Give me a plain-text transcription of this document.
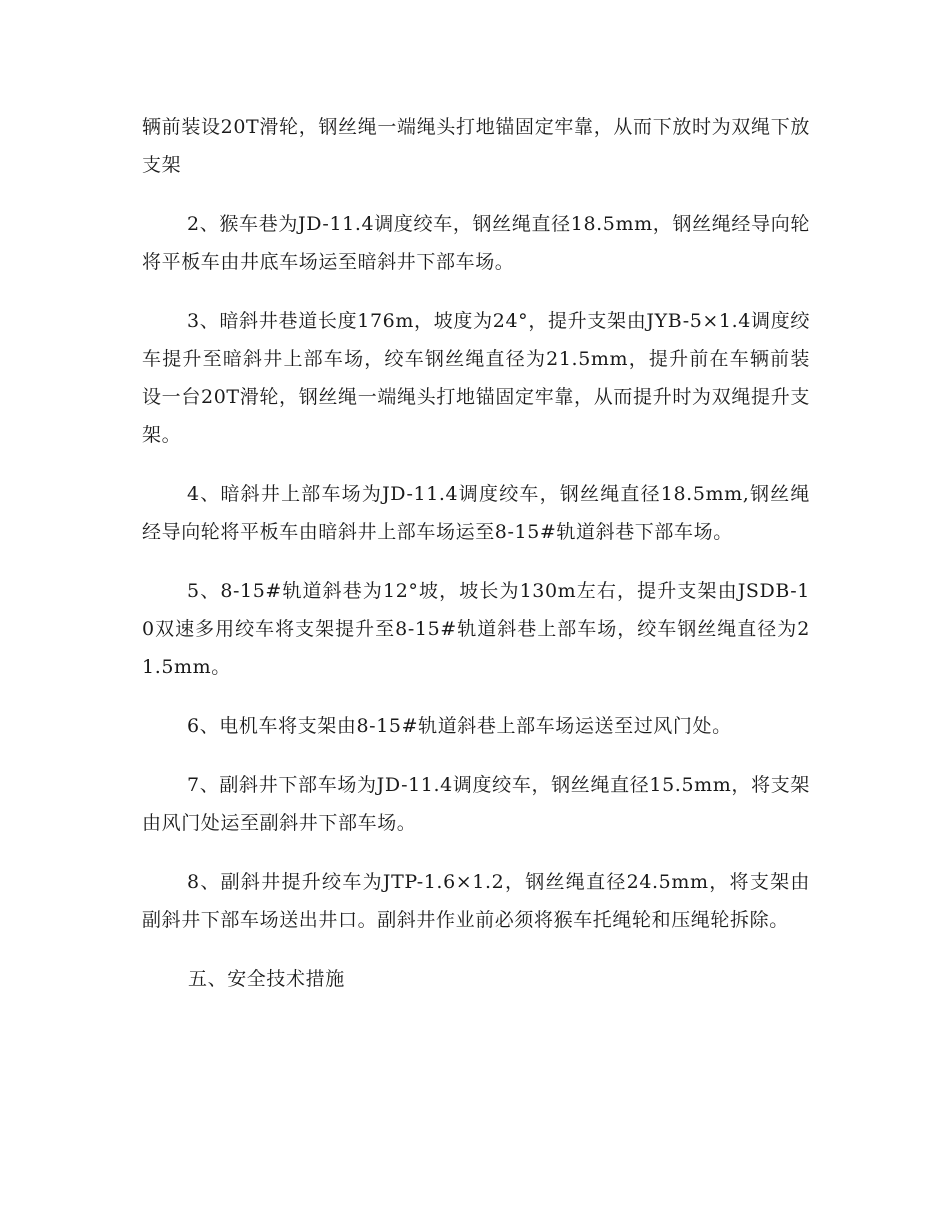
辆前装设20T滑轮，钢丝绳一端绳头打地锚固定牢靠，从而下放时为双绳下放支架

2、猴车巷为JD-11.4调度绞车，钢丝绳直径18.5mm，钢丝绳经导向轮将平板车由井底车场运至暗斜井下部车场。

3、暗斜井巷道长度176m，坡度为24°，提升支架由JYB-5×1.4调度绞车提升至暗斜井上部车场，绞车钢丝绳直径为21.5mm，提升前在车辆前装设一台20T滑轮，钢丝绳一端绳头打地锚固定牢靠，从而提升时为双绳提升支架。

4、暗斜井上部车场为JD-11.4调度绞车，钢丝绳直径18.5mm,钢丝绳经导向轮将平板车由暗斜井上部车场运至8-15#轨道斜巷下部车场。

5、8-15#轨道斜巷为12°坡，坡长为130m左右，提升支架由JSDB-10双速多用绞车将支架提升至8-15#轨道斜巷上部车场，绞车钢丝绳直径为21.5mm。

6、电机车将支架由8-15#轨道斜巷上部车场运送至过风门处。

7、副斜井下部车场为JD-11.4调度绞车，钢丝绳直径15.5mm，将支架由风门处运至副斜井下部车场。

8、副斜井提升绞车为JTP-1.6×1.2，钢丝绳直径24.5mm，将支架由副斜井下部车场送出井口。副斜井作业前必须将猴车托绳轮和压绳轮拆除。

五、安全技术措施
